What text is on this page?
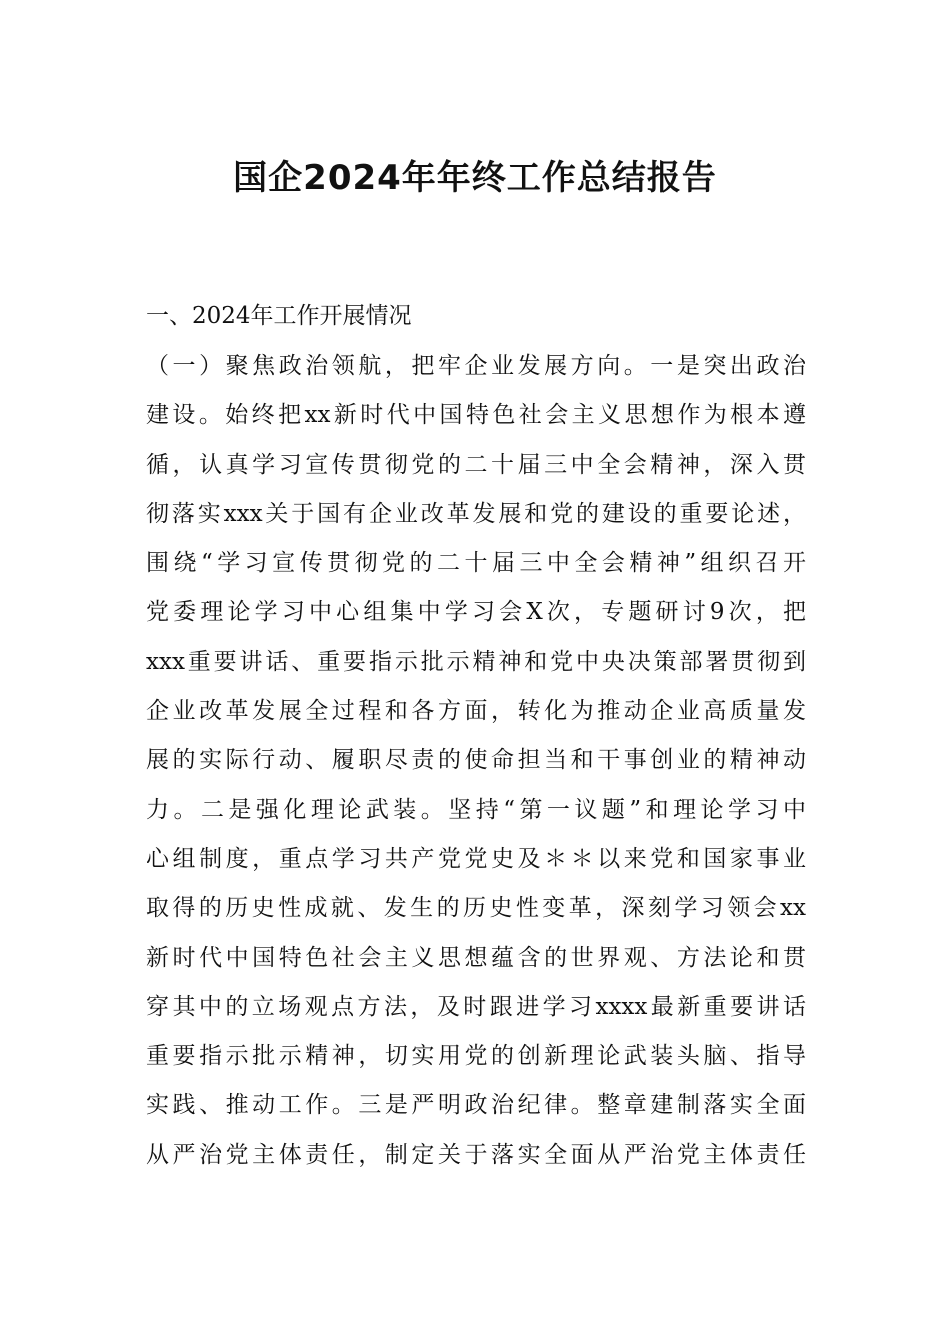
国企2024年年终工作总结报告
一、2024年工作开展情况
（一）聚焦政治领航，把牢企业发展方向。一是突出政治
建设。始终把xx新时代中国特色社会主义思想作为根本遵
循，认真学习宣传贯彻党的二十届三中全会精神，深入贯
彻落实xxx关于国有企业改革发展和党的建设的重要论述，
围绕“学习宣传贯彻党的二十届三中全会精神”组织召开
党委理论学习中心组集中学习会X次，专题研讨9次，把
xxx重要讲话、重要指示批示精神和党中央决策部署贯彻到
企业改革发展全过程和各方面，转化为推动企业高质量发
展的实际行动、履职尽责的使命担当和干事创业的精神动
力。二是强化理论武装。坚持“第一议题”和理论学习中
心组制度，重点学习共产党党史及＊＊以来党和国家事业
取得的历史性成就、发生的历史性变革，深刻学习领会xx
新时代中国特色社会主义思想蕴含的世界观、方法论和贯
穿其中的立场观点方法，及时跟进学习xxxx最新重要讲话
重要指示批示精神，切实用党的创新理论武装头脑、指导
实践、推动工作。三是严明政治纪律。整章建制落实全面
从严治党主体责任，制定关于落实全面从严治党主体责任
